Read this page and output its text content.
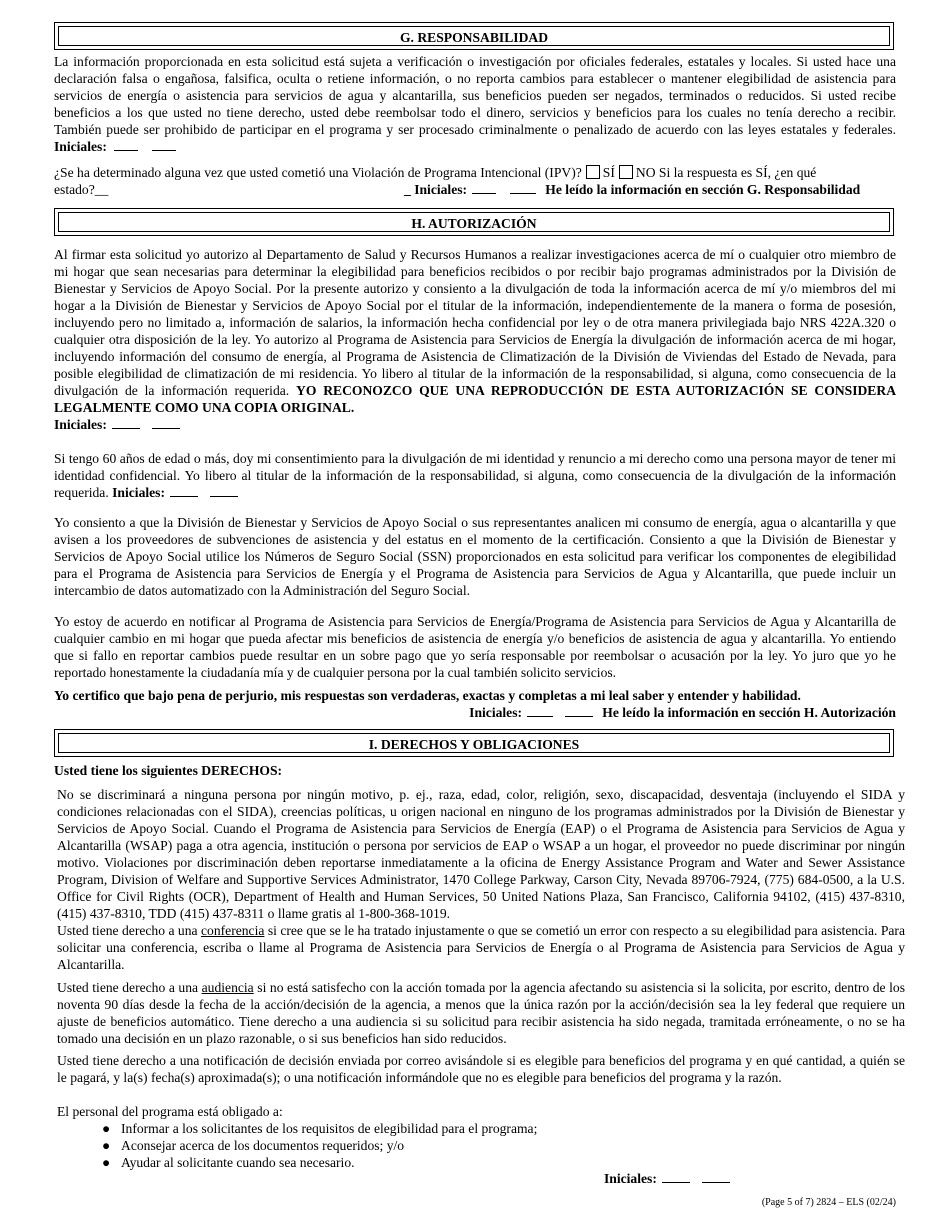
G. RESPONSABILIDAD
La información proporcionada en esta solicitud está sujeta a verificación o investigación por oficiales federales, estatales y locales. Si usted hace una declaración falsa o engañosa, falsifica, oculta o retiene información, o no reporta cambios para establecer o mantener elegibilidad de asistencia para servicios de energía o asistencia para servicios de agua y alcantarilla, sus beneficios pueden ser negados, terminados o reducidos. Si usted recibe beneficios a los que usted no tiene derecho, usted debe reembolsar todo el dinero, servicios y beneficios para los cuales no tenía derecho a recibir. También puede ser prohibido de participar en el programa y ser procesado criminalmente o penalizado de acuerdo con las leyes estatales y federales. Iniciales:
¿Se ha determinado alguna vez que usted cometió una Violación de Programa Intencional (IPV)? SÍ NO Si la respuesta es SÍ, ¿en qué
estado?__	_ Iniciales:	He leído la información en sección G. Responsabilidad
H. AUTORIZACIÓN
Al firmar esta solicitud yo autorizo al Departamento de Salud y Recursos Humanos a realizar investigaciones acerca de mí o cualquier otro miembro de mi hogar que sean necesarias para determinar la elegibilidad para beneficios recibidos o por recibir bajo programas administrados por la División de Bienestar y Servicios de Apoyo Social. Por la presente autorizo y consiento a la divulgación de toda la información acerca de mí y/o miembros del mi hogar a la División de Bienestar y Servicios de Apoyo Social por el titular de la información, independientemente de la manera o forma de posesión, incluyendo pero no limitado a, información de salarios, la información hecha confidencial por ley o de otra manera privilegiada bajo NRS 422A.320 o cualquier otra disposición de la ley. Yo autorizo al Programa de Asistencia para Servicios de Energía la divulgación de información acerca de mi hogar, incluyendo información del consumo de energía, al Programa de Asistencia de Climatización de la División de Viviendas del Estado de Nevada, para posible elegibilidad de climatización de mi residencia. Yo libero al titular de la información de la responsabilidad, si alguna, como consecuencia de la divulgación de la información requerida. YO RECONOZCO QUE UNA REPRODUCCIÓN DE ESTA AUTORIZACIÓN SE CONSIDERA LEGALMENTE COMO UNA COPIA ORIGINAL.
Iniciales:
Si tengo 60 años de edad o más, doy mi consentimiento para la divulgación de mi identidad y renuncio a mi derecho como una persona mayor de tener mi identidad confidencial. Yo libero al titular de la información de la responsabilidad, si alguna, como consecuencia de la divulgación de la información requerida. Iniciales:
Yo consiento a que la División de Bienestar y Servicios de Apoyo Social o sus representantes analicen mi consumo de energía, agua o alcantarilla y que avisen a los proveedores de subvenciones de asistencia y del estatus en el momento de la certificación. Consiento a que la División de Bienestar y Servicios de Apoyo Social utilice los Números de Seguro Social (SSN) proporcionados en esta solicitud para verificar los componentes de elegibilidad para el Programa de Asistencia para Servicios de Energía y el Programa de Asistencia para Servicios de Agua y Alcantarilla, que puede incluir un intercambio de datos automatizado con la Administración del Seguro Social.
Yo estoy de acuerdo en notificar al Programa de Asistencia para Servicios de Energía/Programa de Asistencia para Servicios de Agua y Alcantarilla de cualquier cambio en mi hogar que pueda afectar mis beneficios de asistencia de energía y/o beneficios de asistencia de agua y alcantarilla. Yo entiendo que si fallo en reportar cambios puede resultar en un sobre pago que yo sería responsable por reembolsar o acusación por la ley. Yo juro que yo he reportado honestamente la ciudadanía mía y de cualquier persona por la cual también solicito servicios.
Yo certifico que bajo pena de perjurio, mis respuestas son verdaderas, exactas y completas a mi leal saber y entender y habilidad.
Iniciales:	He leído la información en sección H. Autorización
I. DERECHOS Y OBLIGACIONES
Usted tiene los siguientes DERECHOS:
No se discriminará a ninguna persona por ningún motivo, p. ej., raza, edad, color, religión, sexo, discapacidad, desventaja (incluyendo el SIDA y condiciones relacionadas con el SIDA), creencias políticas, u origen nacional en ninguno de los programas administrados por la División de Bienestar y Servicios de Apoyo Social. Cuando el Programa de Asistencia para Servicios de Energía (EAP) o el Programa de Asistencia para Servicios de Agua y Alcantarilla (WSAP) paga a otra agencia, institución o persona por servicios de EAP o WSAP a un hogar, el proveedor no puede discriminar por ningún motivo. Violaciones por discriminación deben reportarse inmediatamente a la oficina de Energy Assistance Program and Water and Sewer Assistance Program, Division of Welfare and Supportive Services Administrator, 1470 College Parkway, Carson City, Nevada 89706-7924, (775) 684-0500, a la U.S. Office for Civil Rights (OCR), Department of Health and Human Services, 50 United Nations Plaza, San Francisco, California 94102, (415) 437-8310, (415) 437-8310, TDD (415) 437-8311 o llame gratis al 1-800-368-1019.
Usted tiene derecho a una conferencia si cree que se le ha tratado injustamente o que se cometió un error con respecto a su elegibilidad para asistencia. Para solicitar una conferencia, escriba o llame al Programa de Asistencia para Servicios de Energía o al Programa de Asistencia para Servicios de Agua y Alcantarilla.
Usted tiene derecho a una audiencia si no está satisfecho con la acción tomada por la agencia afectando su asistencia si la solicita, por escrito, dentro de los noventa 90 días desde la fecha de la acción/decisión de la agencia, a menos que la única razón por la acción/decisión sea la ley federal que requiere un ajuste de beneficios automático. Tiene derecho a una audiencia si su solicitud para recibir asistencia ha sido negada, tramitada erróneamente, o no se ha tomado una decisión en un plazo razonable, o si sus beneficios han sido reducidos.
Usted tiene derecho a una notificación de decisión enviada por correo avisándole si es elegible para beneficios del programa y en qué cantidad, a quién se le pagará, y la(s) fecha(s) aproximada(s); o una notificación informándole que no es elegible para beneficios del programa y la razón.
El personal del programa está obligado a:
● Informar a los solicitantes de los requisitos de elegibilidad para el programa;
● Aconsejar acerca de los documentos requeridos; y/o
● Ayudar al solicitante cuando sea necesario.
Iniciales:
(Page 5 of 7) 2824 – ELS (02/24)
